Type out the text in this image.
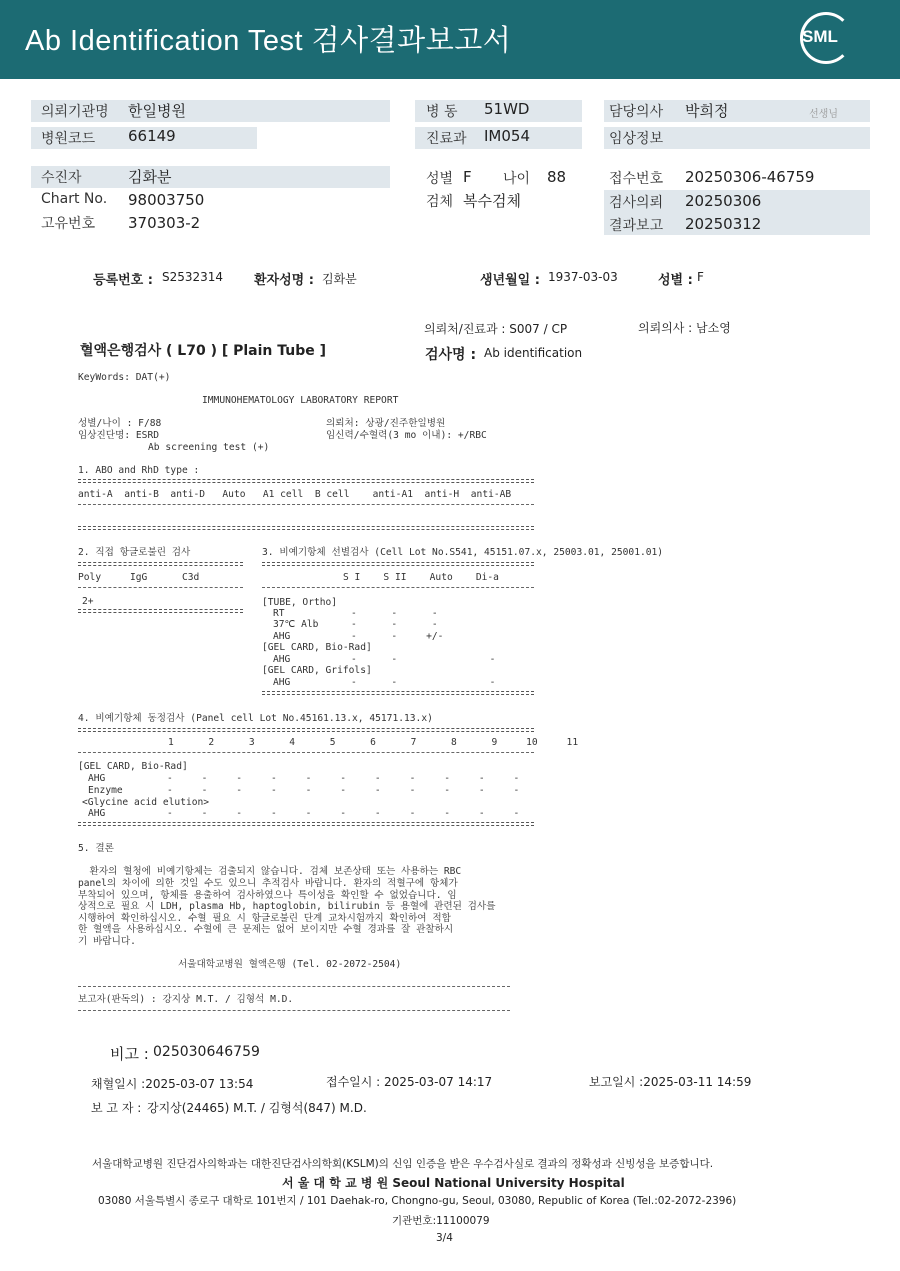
Ab Identification Test 검사결과보고서	SML
의뢰기관명 한일병원
병원코드 66149
병 동 51WD
진료과 IM054
담당의사 박희정	선생님
임상정보
수진자	김화분
Chart No. 98003750
고유번호 370303-2
성별 F 나이 88
검체 복수검체
접수번호 20250306-46759
검사의뢰 20250306
결과보고 20250312
등록번호 : S2532314 환자성명 : 김화분	생년월일 : 1937-03-03	성별 : F
의뢰처/진료과 : S007 / CP	의뢰의사 : 남소영
혈액은행검사 ( L70 ) [ Plain Tube ]	검사명 : Ab identification
KeyWords: DAT(+)
IMMUNOHEMATOLOGY LABORATORY REPORT
성별/나이 : F/88
임상진단명: ESRD
Ab screening test (+)
의뢰처: 상광/진주한일병원
임신력/수혈력(3 mo 이내): +/RBC
1. ABO and RhD type :
anti-A  anti-B  anti-D   Auto   A1 cell  B cell    anti-A1  anti-H  anti-AB
2. 직접 항글로불린 검사
Poly     IgG      C3d
2+
3. 비예기항체 선별검사 (Cell Lot No.S541, 45151.07.x, 25003.01, 25001.01)
S I    S II    Auto    Di-a
[TUBE, Ortho]
RT	-      -      -
37℃ Alb	-      -      -
AHG	-      -     +/-
[GEL CARD, Bio-Rad]
AHG	-      -                -
[GEL CARD, Grifols]
AHG	-      -                -
4. 비예기항체 동정검사 (Panel cell Lot No.45161.13.x, 45171.13.x)
1      2      3      4      5      6      7      8      9     10     11
[GEL CARD, Bio-Rad]
AHG	-     -     -     -     -     -     -     -     -     -     -
Enzyme	-     -     -     -     -     -     -     -     -     -     -
<Glycine acid elution>
AHG	-     -     -     -     -     -     -     -     -     -     -
5. 결론
환자의 혈청에 비예기항체는 검출되지 않습니다. 검체 보존상태 또는 사용하는 RBC
panel의 차이에 의한 것일 수도 있으니 추적검사 바랍니다. 환자의 적혈구에 항체가
부착되어 있으며, 항체를 용출하여 검사하였으나 특이성을 확인할 수 없었습니다. 임
상적으로 필요 시 LDH, plasma Hb, haptoglobin, bilirubin 등 용혈에 관련된 검사를
시행하여 확인하십시오. 수혈 필요 시 항글로불린 단계 교차시험까지 확인하여 적합
한 혈액을 사용하십시오. 수혈에 큰 문제는 없어 보이지만 수혈 경과를 잘 관찰하시
기 바랍니다.
서울대학교병원 혈액은행 (Tel. 02-2072-2504)
보고자(판독의) : 강지상 M.T. / 김형석 M.D.
비고 : 025030646759
채혈일시 :2025-03-07 13:54	접수일시 : 2025-03-07 14:17	보고일시 :2025-03-11 14:59
보 고 자 : 강지상(24465) M.T. / 김형석(847) M.D.
서울대학교병원 진단검사의학과는 대한진단검사의학회(KSLM)의 신임 인증을 받은 우수검사실로 결과의 정확성과 신빙성을 보증합니다.
서 울 대 학 교 병 원 Seoul National University Hospital
03080 서울특별시 종로구 대학로 101번지 / 101 Daehak-ro, Chongno-gu, Seoul, 03080, Republic of Korea (Tel.:02-2072-2396)
기관번호:11100079
3/4
